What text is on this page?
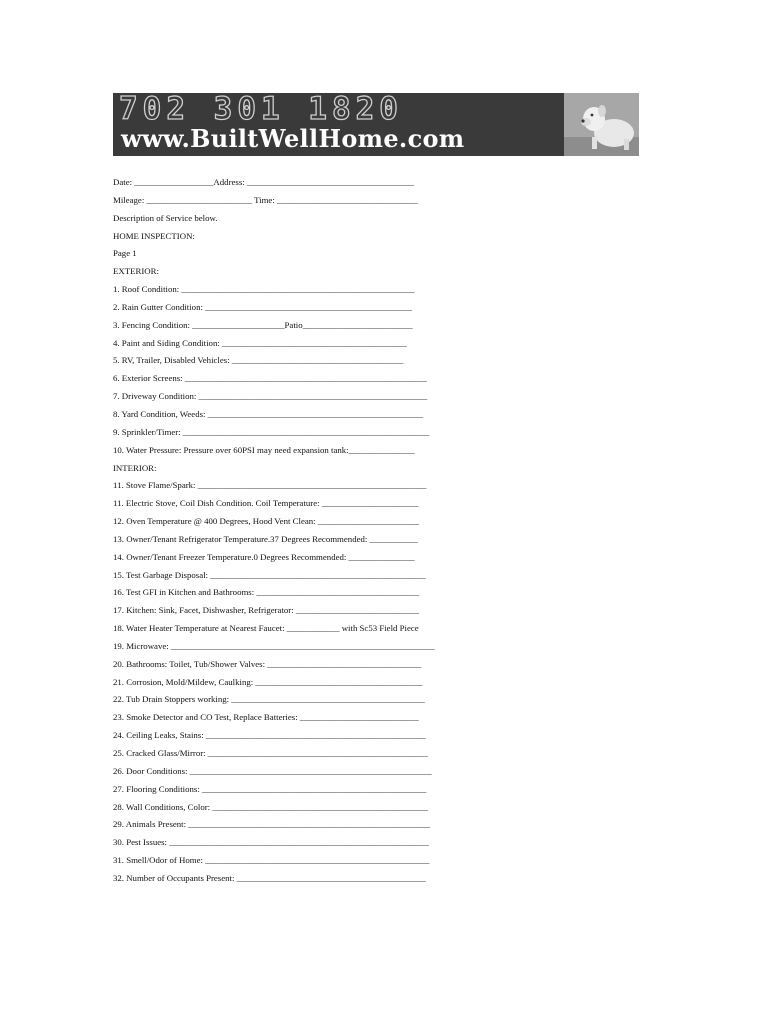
702 301 1820
www.BuiltWellHome.com
Date: __________________Address: ______________________________________
Mileage: ________________________ Time: ________________________________
Description of Service below.
HOME INSPECTION:
Page 1
EXTERIOR:
1. Roof Condition: _____________________________________________________
2. Rain Gutter Condition: _______________________________________________
3. Fencing Condition: _____________________Patio_________________________
4. Paint and Siding Condition: __________________________________________
5. RV, Trailer, Disabled Vehicles: _______________________________________
6. Exterior Screens: _______________________________________________________
7. Driveway Condition: ____________________________________________________
8. Yard Condition, Weeds: _________________________________________________
9. Sprinkler/Timer: ________________________________________________________
10. Water Pressure: Pressure over 60PSI may need expansion tank:_______________
INTERIOR:
11. Stove Flame/Spark: ____________________________________________________
11. Electric Stove, Coil Dish Condition. Coil Temperature: ______________________
12. Oven Temperature @ 400 Degrees, Hood Vent Clean: _______________________
13. Owner/Tenant Refrigerator Temperature.37 Degrees Recommended: ___________
14. Owner/Tenant Freezer Temperature.0 Degrees Recommended: _______________
15. Test Garbage Disposal: _________________________________________________
16. Test GFI in Kitchen and Bathrooms: _____________________________________
17. Kitchen: Sink, Facet, Dishwasher, Refrigerator: ____________________________
18. Water Heater Temperature at Nearest Faucet: ____________ with Sc53 Field Piece
19. Microwave: ____________________________________________________________
20. Bathrooms: Toilet, Tub/Shower Valves: ___________________________________
21. Corrosion, Mold/Mildew, Caulking: ______________________________________
22. Tub Drain Stoppers working: ____________________________________________
23. Smoke Detector and CO Test, Replace Batteries: ___________________________
24. Ceiling Leaks, Stains: __________________________________________________
25. Cracked Glass/Mirror: __________________________________________________
26. Door Conditions: _______________________________________________________
27. Flooring Conditions: ___________________________________________________
28. Wall Conditions, Color: _________________________________________________
29. Animals Present: _______________________________________________________
30. Pest Issues: ___________________________________________________________
31. Smell/Odor of Home: ___________________________________________________
32. Number of Occupants Present: ___________________________________________
